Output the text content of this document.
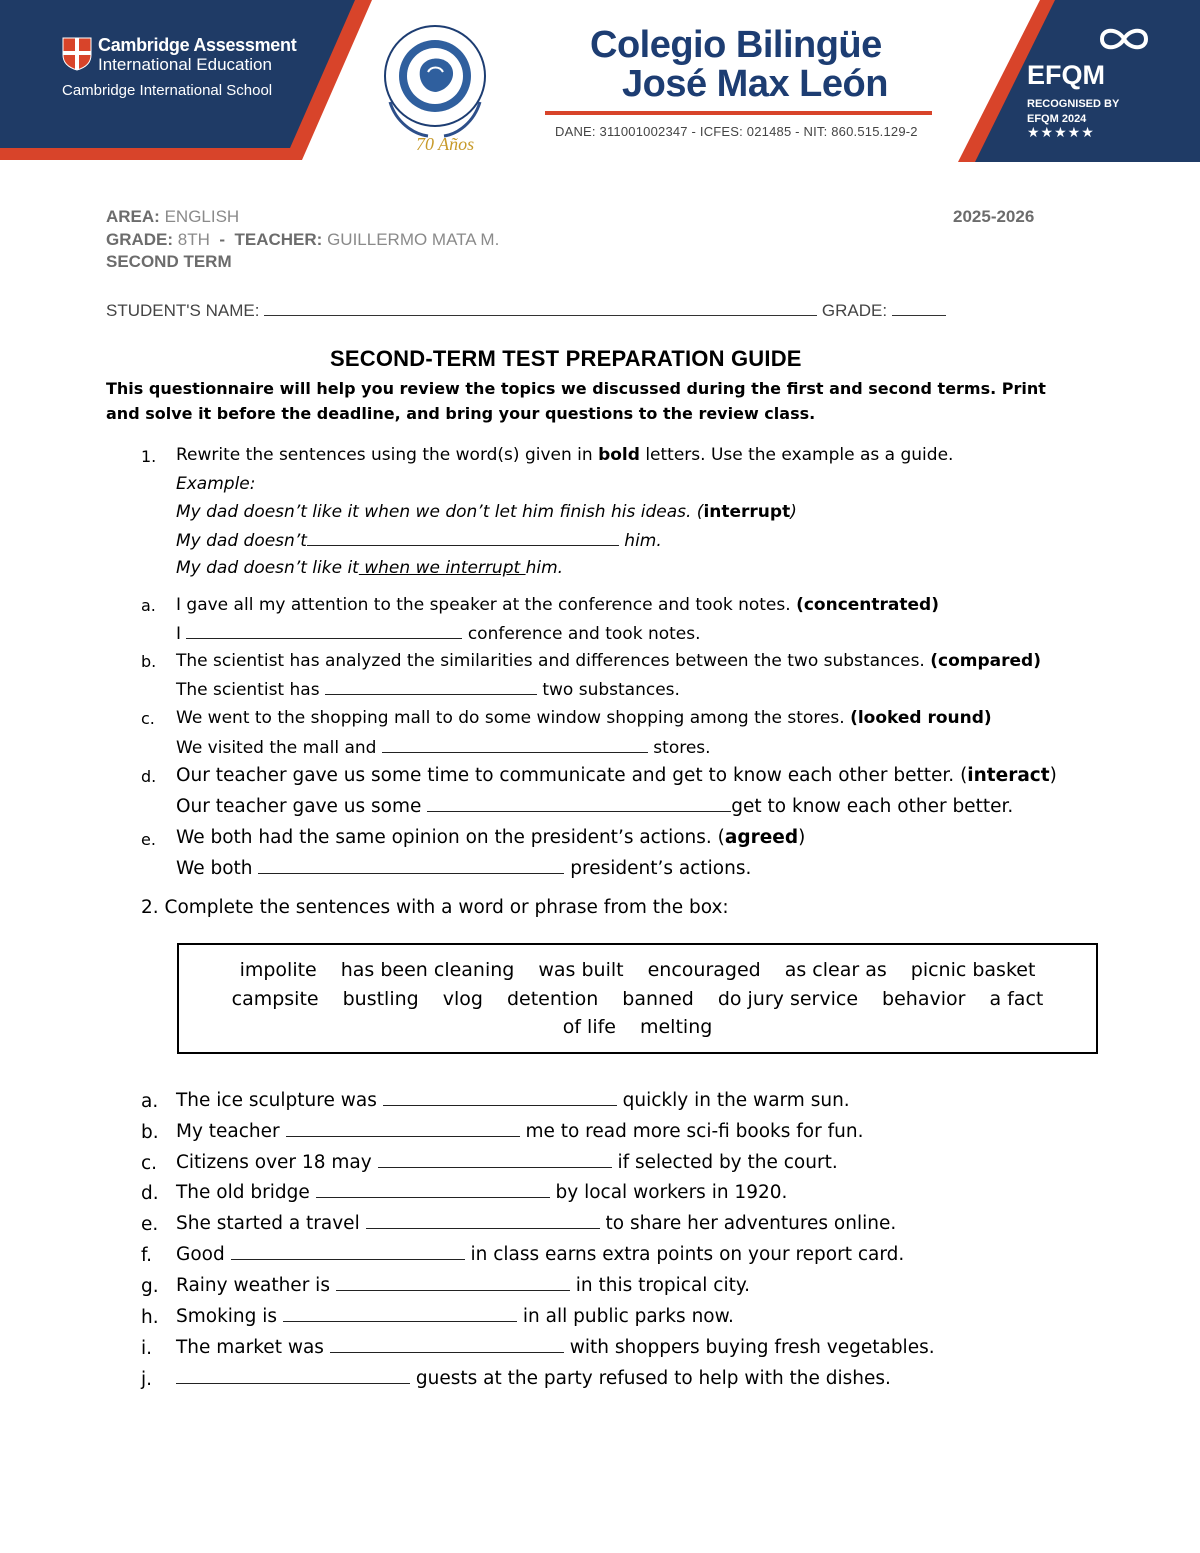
Cambridge Assessment
International Education
Cambridge International School
70 Años
Colegio Bilingüe
José Max León
DANE: 311001002347 - ICFES: 021485 - NIT: 860.515.129-2
EFQM
RECOGNISED BY
EFQM 2024
★★★★★
AREA: ENGLISH	2025-2026
GRADE: 8TH - TEACHER: GUILLERMO MATA M.
SECOND TERM
STUDENT'S NAME:	GRADE:
SECOND-TERM TEST PREPARATION GUIDE
This questionnaire will help you review the topics we discussed during the first and second terms. Print and solve it before the deadline, and bring your questions to the review class.
1. Rewrite the sentences using the word(s) given in bold letters. Use the example as a guide.
Example:
My dad doesn’t like it when we don’t let him finish his ideas. (interrupt)
My dad doesn’t	him.
My dad doesn’t like it when we interrupt him.
a. I gave all my attention to the speaker at the conference and took notes. (concentrated)
I	conference and took notes.
b. The scientist has analyzed the similarities and differences between the two substances. (compared)
The scientist has	two substances.
c. We went to the shopping mall to do some window shopping among the stores. (looked round)
We visited the mall and	stores.
d. Our teacher gave us some time to communicate and get to know each other better. (interact)
Our teacher gave us some	get to know each other better.
e. We both had the same opinion on the president’s actions. (agreed)
We both	president’s actions.
2. Complete the sentences with a word or phrase from the box:
impolite has been cleaning was built encouraged as clear as picnic basket
campsite bustling vlog detention banned do jury service behavior a fact
of life melting
a. The ice sculpture was	quickly in the warm sun.
b. My teacher	me to read more sci-fi books for fun.
c. Citizens over 18 may	if selected by the court.
d. The old bridge	by local workers in 1920.
e. She started a travel	to share her adventures online.
f. Good	in class earns extra points on your report card.
g. Rainy weather is	in this tropical city.
h. Smoking is	in all public parks now.
i. The market was	with shoppers buying fresh vegetables.
j.	guests at the party refused to help with the dishes.
